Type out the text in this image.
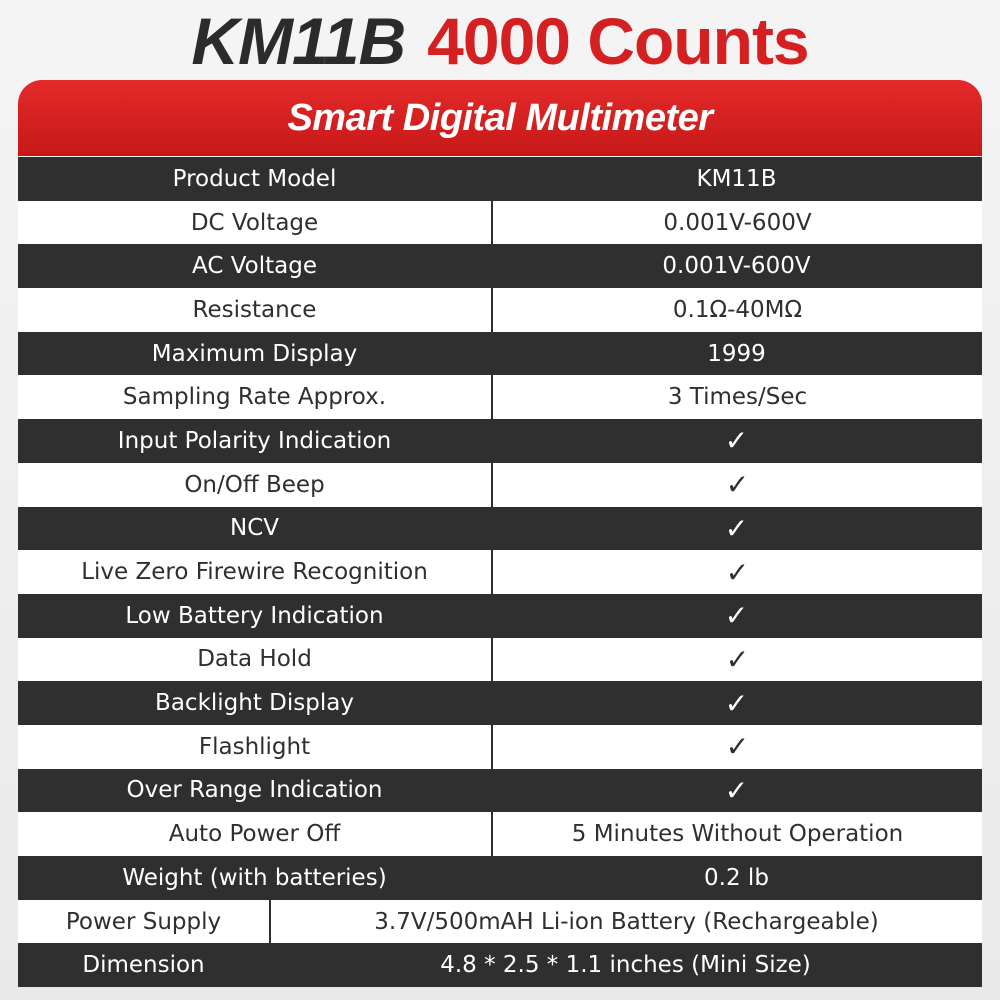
KM11B 4000 Counts
Smart Digital Multimeter
Product Model	KM11B
DC Voltage	0.001V-600V
AC Voltage	0.001V-600V
Resistance	0.1Ω-40MΩ
Maximum Display	1999
Sampling Rate Approx.	3 Times/Sec
Input Polarity Indication	✓
On/Off Beep	✓
NCV	✓
Live Zero Firewire Recognition	✓
Low Battery Indication	✓
Data Hold	✓
Backlight Display	✓
Flashlight	✓
Over Range Indication	✓
Auto Power Off	5 Minutes Without Operation
Weight (with batteries)	0.2 lb
Power Supply	3.7V/500mAH Li-ion Battery (Rechargeable)
Dimension	4.8 * 2.5 * 1.1 inches (Mini Size)
